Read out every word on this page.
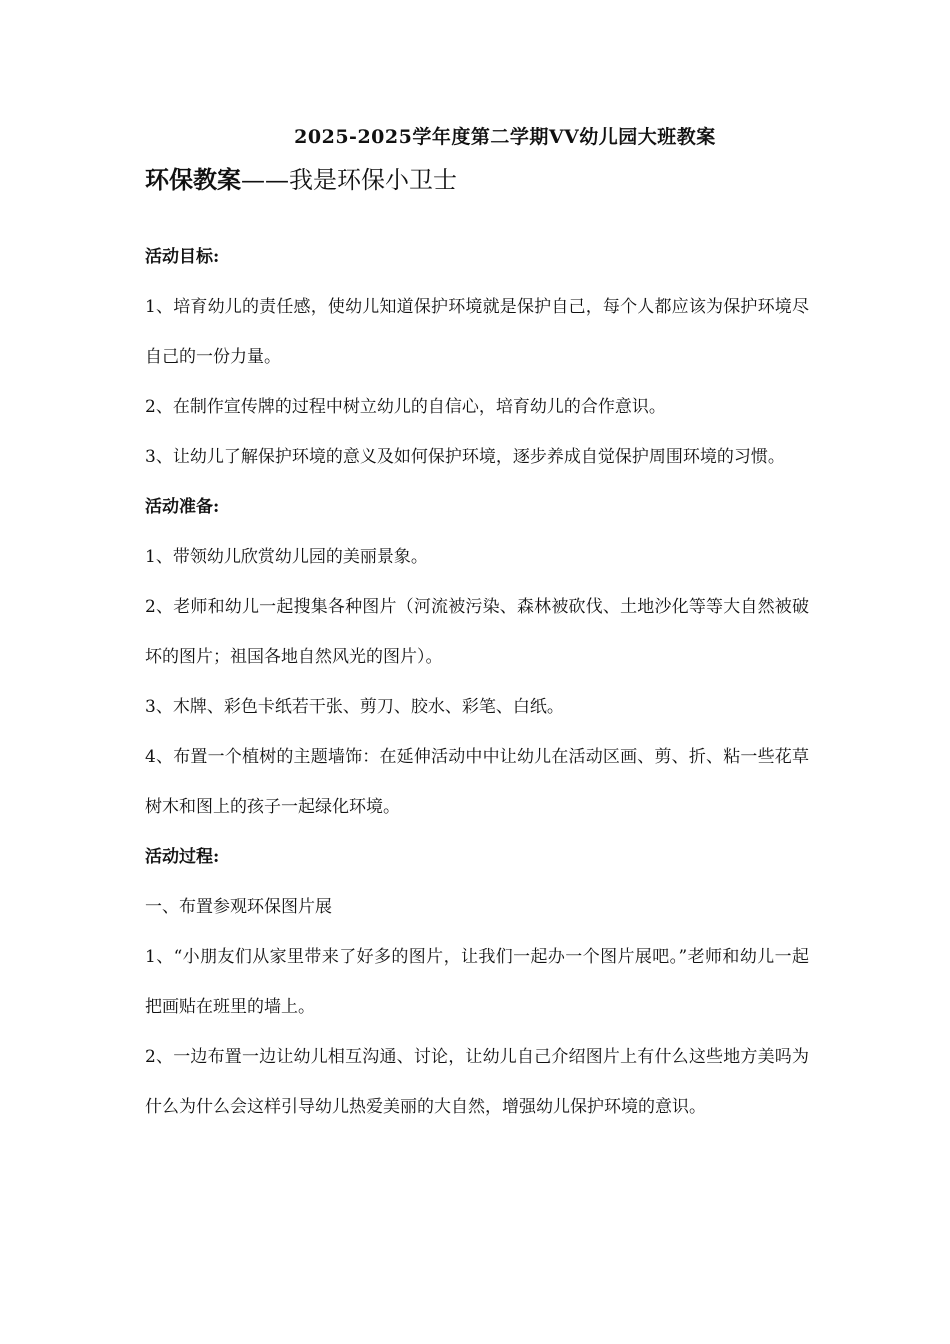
2025-2025学年度第二学期VV幼儿园大班教案
环保教案——我是环保小卫士

活动目标:

1、培育幼儿的责任感，使幼儿知道保护环境就是保护自己，每个人都应该为保护环境尽自己的一份力量。

2、在制作宣传牌的过程中树立幼儿的自信心，培育幼儿的合作意识。

3、让幼儿了解保护环境的意义及如何保护环境，逐步养成自觉保护周围环境的习惯。

活动准备:

1、带领幼儿欣赏幼儿园的美丽景象。

2、老师和幼儿一起搜集各种图片（河流被污染、森林被砍伐、土地沙化等等大自然被破坏的图片；祖国各地自然风光的图片）。

3、木牌、彩色卡纸若干张、剪刀、胶水、彩笔、白纸。

4、布置一个植树的主题墙饰：在延伸活动中中让幼儿在活动区画、剪、折、粘一些花草树木和图上的孩子一起绿化环境。

活动过程:

一、布置参观环保图片展

1、“小朋友们从家里带来了好多的图片，让我们一起办一个图片展吧。”老师和幼儿一起把画贴在班里的墙上。

2、一边布置一边让幼儿相互沟通、讨论，让幼儿自己介绍图片上有什么这些地方美吗为什么为什么会这样引导幼儿热爱美丽的大自然，增强幼儿保护环境的意识。
